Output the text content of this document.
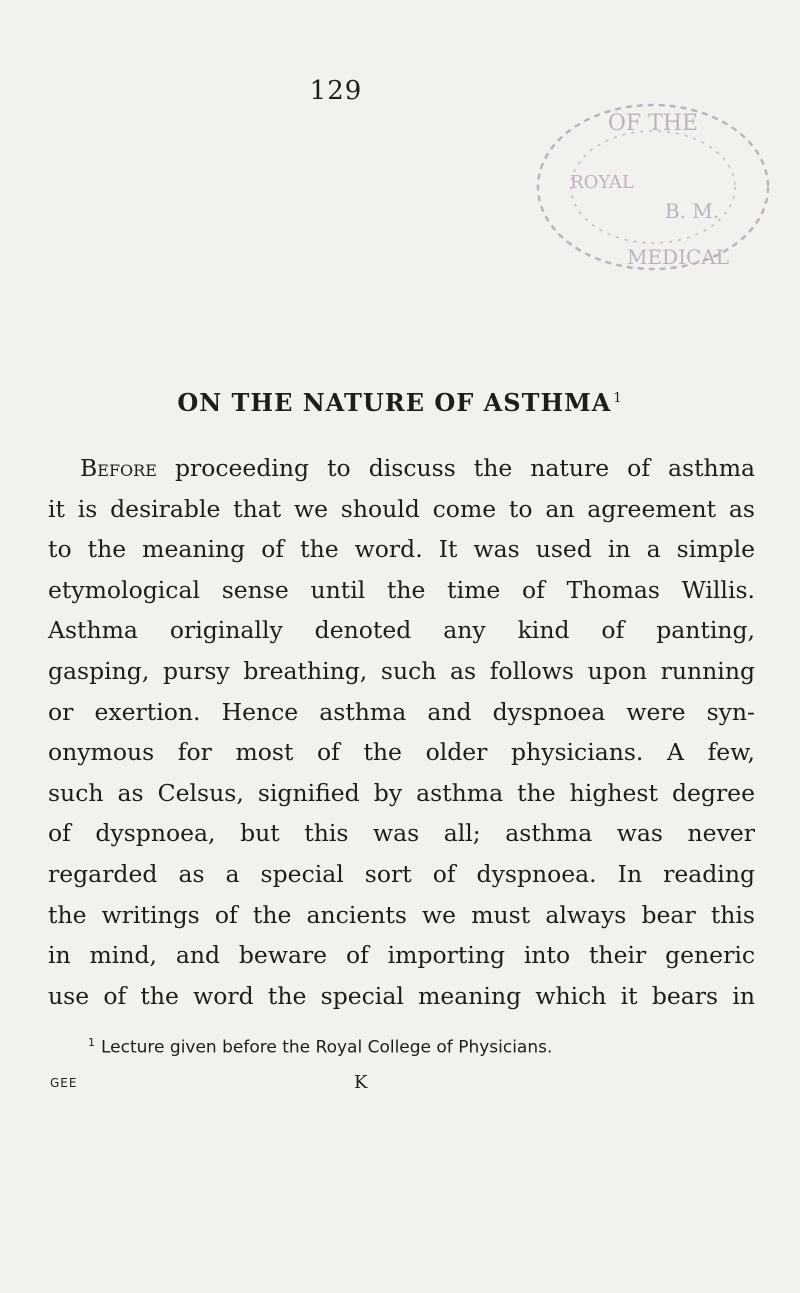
129
OF THE
ROYAL
B. M.
MEDICAL
ON THE NATURE OF ASTHMA $^1$
Before proceeding to discuss the nature of asthma
it is desirable that we should come to an agreement as
to the meaning of the word. It was used in a simple
etymological sense until the time of Thomas Willis.
Asthma originally denoted any kind of panting,
gasping, pursy breathing, such as follows upon running
or exertion. Hence asthma and dyspnoea were syn-
onymous for most of the older physicians. A few,
such as Celsus, signified by asthma the highest degree
of dyspnoea, but this was all; asthma was never
regarded as a special sort of dyspnoea. In reading
the writings of the ancients we must always bear this
in mind, and beware of importing into their generic
use of the word the special meaning which it bears in
$^1$ Lecture given before the Royal College of Physicians.
GEE	K
